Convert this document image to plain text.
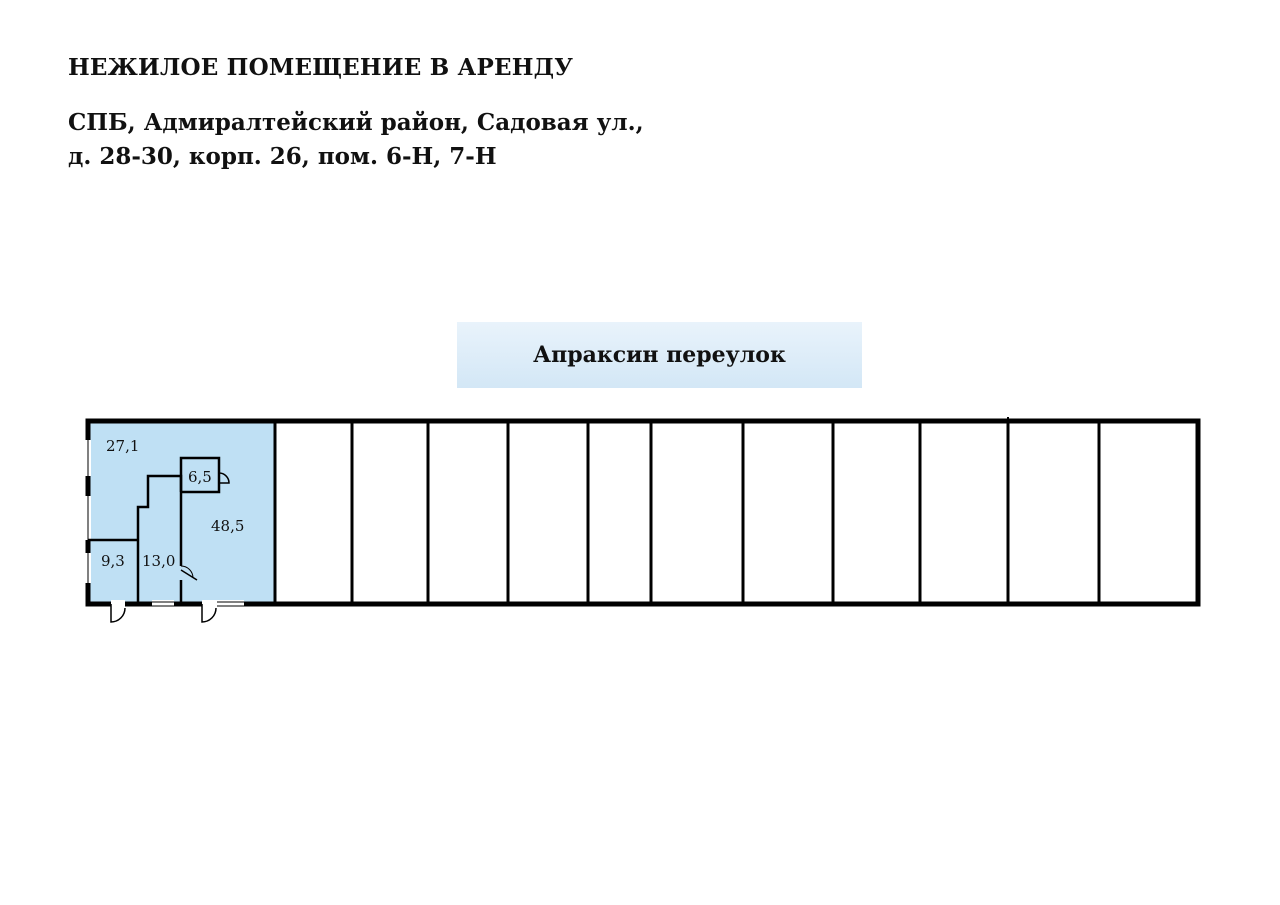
НЕЖИЛОЕ ПОМЕЩЕНИЕ В АРЕНДУ
СПБ, Адмиралтейский район, Садовая ул.,
д. 28-30, корп. 26, пом. 6-Н, 7-Н
Апраксин переулок
27,1
6,5
48,5
9,3 13,0
